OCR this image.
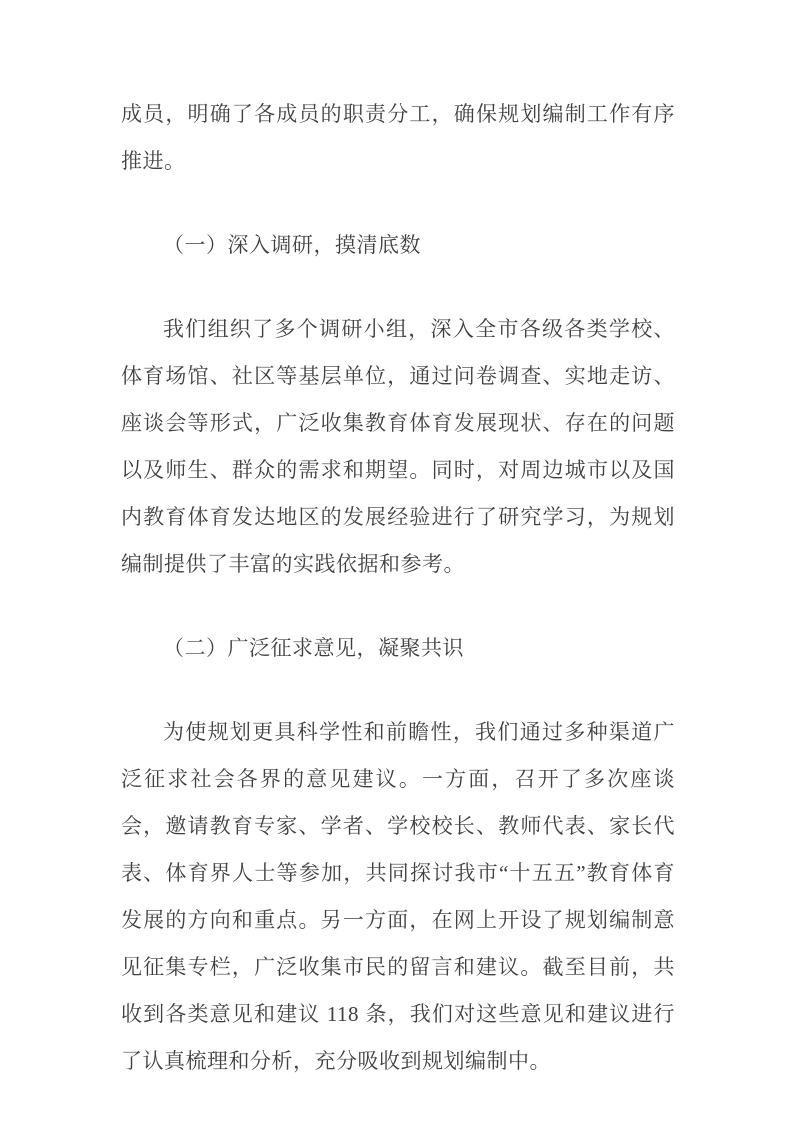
成员，明确了各成员的职责分工，确保规划编制工作有序推进。

（一）深入调研，摸清底数

我们组织了多个调研小组，深入全市各级各类学校、体育场馆、社区等基层单位，通过问卷调查、实地走访、座谈会等形式，广泛收集教育体育发展现状、存在的问题以及师生、群众的需求和期望。同时，对周边城市以及国内教育体育发达地区的发展经验进行了研究学习，为规划编制提供了丰富的实践依据和参考。

（二）广泛征求意见，凝聚共识

为使规划更具科学性和前瞻性，我们通过多种渠道广泛征求社会各界的意见建议。一方面，召开了多次座谈会，邀请教育专家、学者、学校校长、教师代表、家长代表、体育界人士等参加，共同探讨我市“十五五”教育体育发展的方向和重点。另一方面，在网上开设了规划编制意见征集专栏，广泛收集市民的留言和建议。截至目前，共收到各类意见和建议 118 条，我们对这些意见和建议进行了认真梳理和分析，充分吸收到规划编制中。
